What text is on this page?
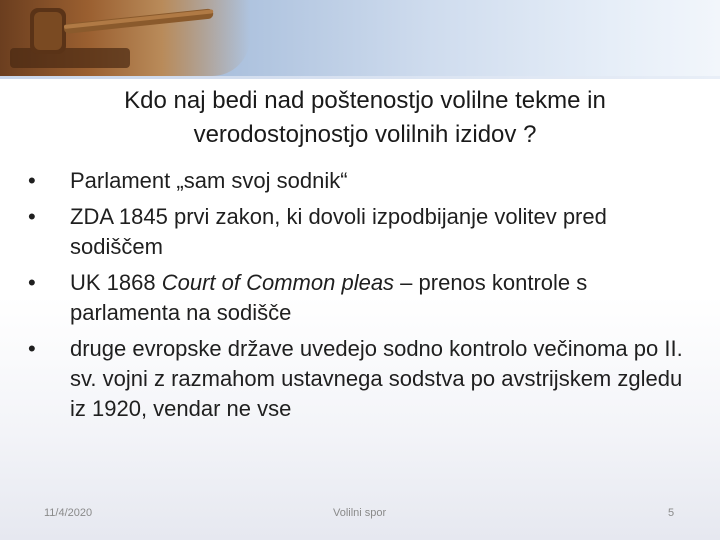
Kdo naj bedi nad poštenostjo volilne tekme in verodostojnostjo volilnih izidov ?
• Parlament „sam svoj sodnik“
• ZDA 1845 prvi zakon, ki dovoli izpodbijanje volitev pred sodiščem
• UK 1868 Court of Common pleas – prenos kontrole s parlamenta na sodišče
• druge evropske države uvedejo sodno kontrolo večinoma po II. sv. vojni z razmahom ustavnega sodstva po avstrijskem zgledu iz 1920, vendar ne vse
11/4/2020	Volilni spor	5
